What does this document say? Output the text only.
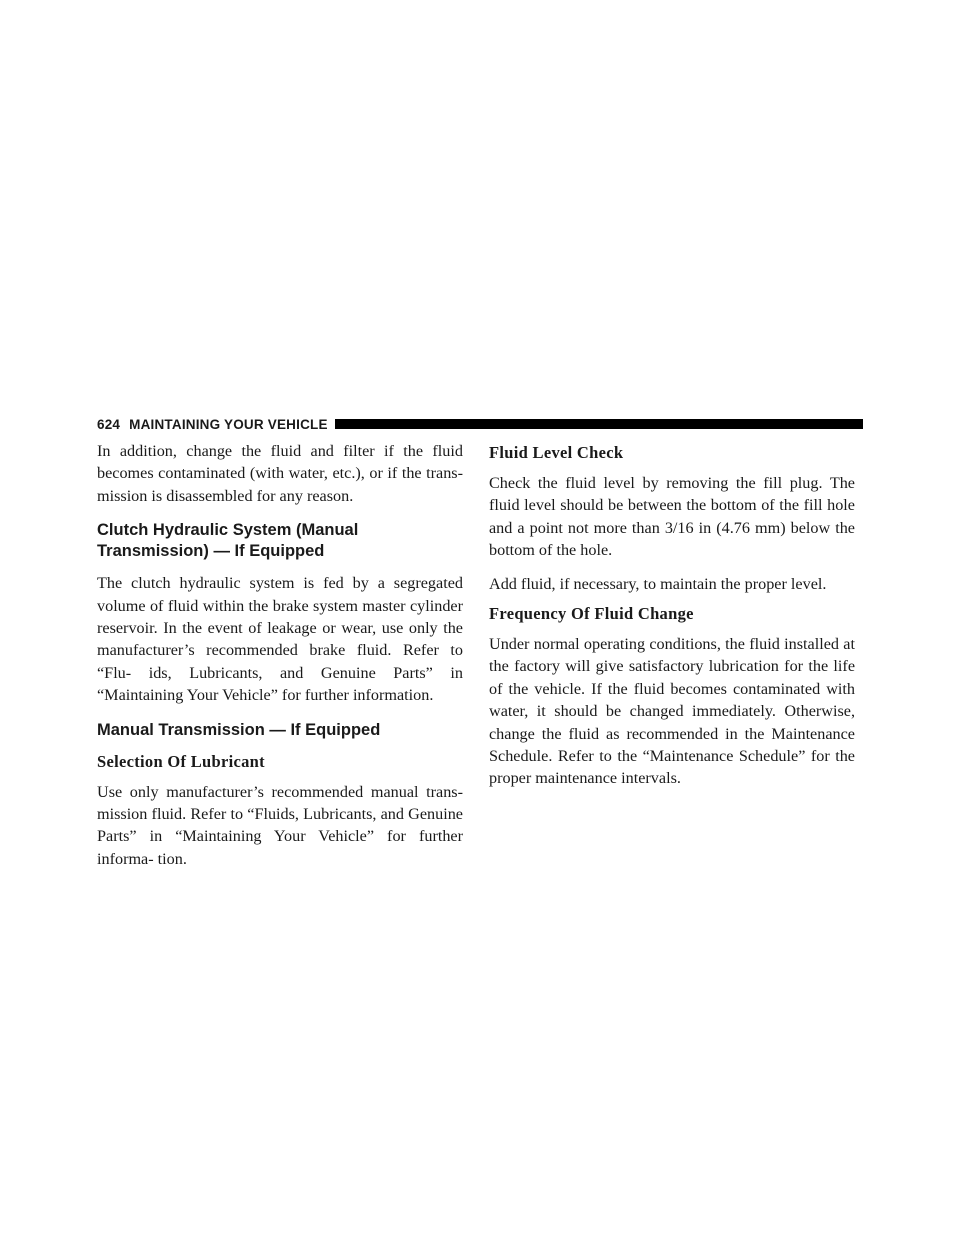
624 MAINTAINING YOUR VEHICLE

In addition, change the fluid and filter if the fluid becomes contaminated (with water, etc.), or if the trans- mission is disassembled for any reason.

Clutch Hydraulic System (Manual Transmission) — If Equipped

The clutch hydraulic system is fed by a segregated volume of fluid within the brake system master cylinder reservoir. In the event of leakage or wear, use only the manufacturer’s recommended brake fluid. Refer to “Flu- ids, Lubricants, and Genuine Parts” in “Maintaining Your Vehicle” for further information.

Manual Transmission — If Equipped
Selection Of Lubricant

Use only manufacturer’s recommended manual trans- mission fluid. Refer to “Fluids, Lubricants, and Genuine Parts” in “Maintaining Your Vehicle” for further informa- tion.

Fluid Level Check

Check the fluid level by removing the fill plug. The fluid level should be between the bottom of the fill hole and a point not more than 3/16 in (4.76 mm) below the bottom of the hole.

Add fluid, if necessary, to maintain the proper level.

Frequency Of Fluid Change

Under normal operating conditions, the fluid installed at the factory will give satisfactory lubrication for the life of the vehicle. If the fluid becomes contaminated with water, it should be changed immediately. Otherwise, change the fluid as recommended in the Maintenance Schedule. Refer to the “Maintenance Schedule” for the proper maintenance intervals.
